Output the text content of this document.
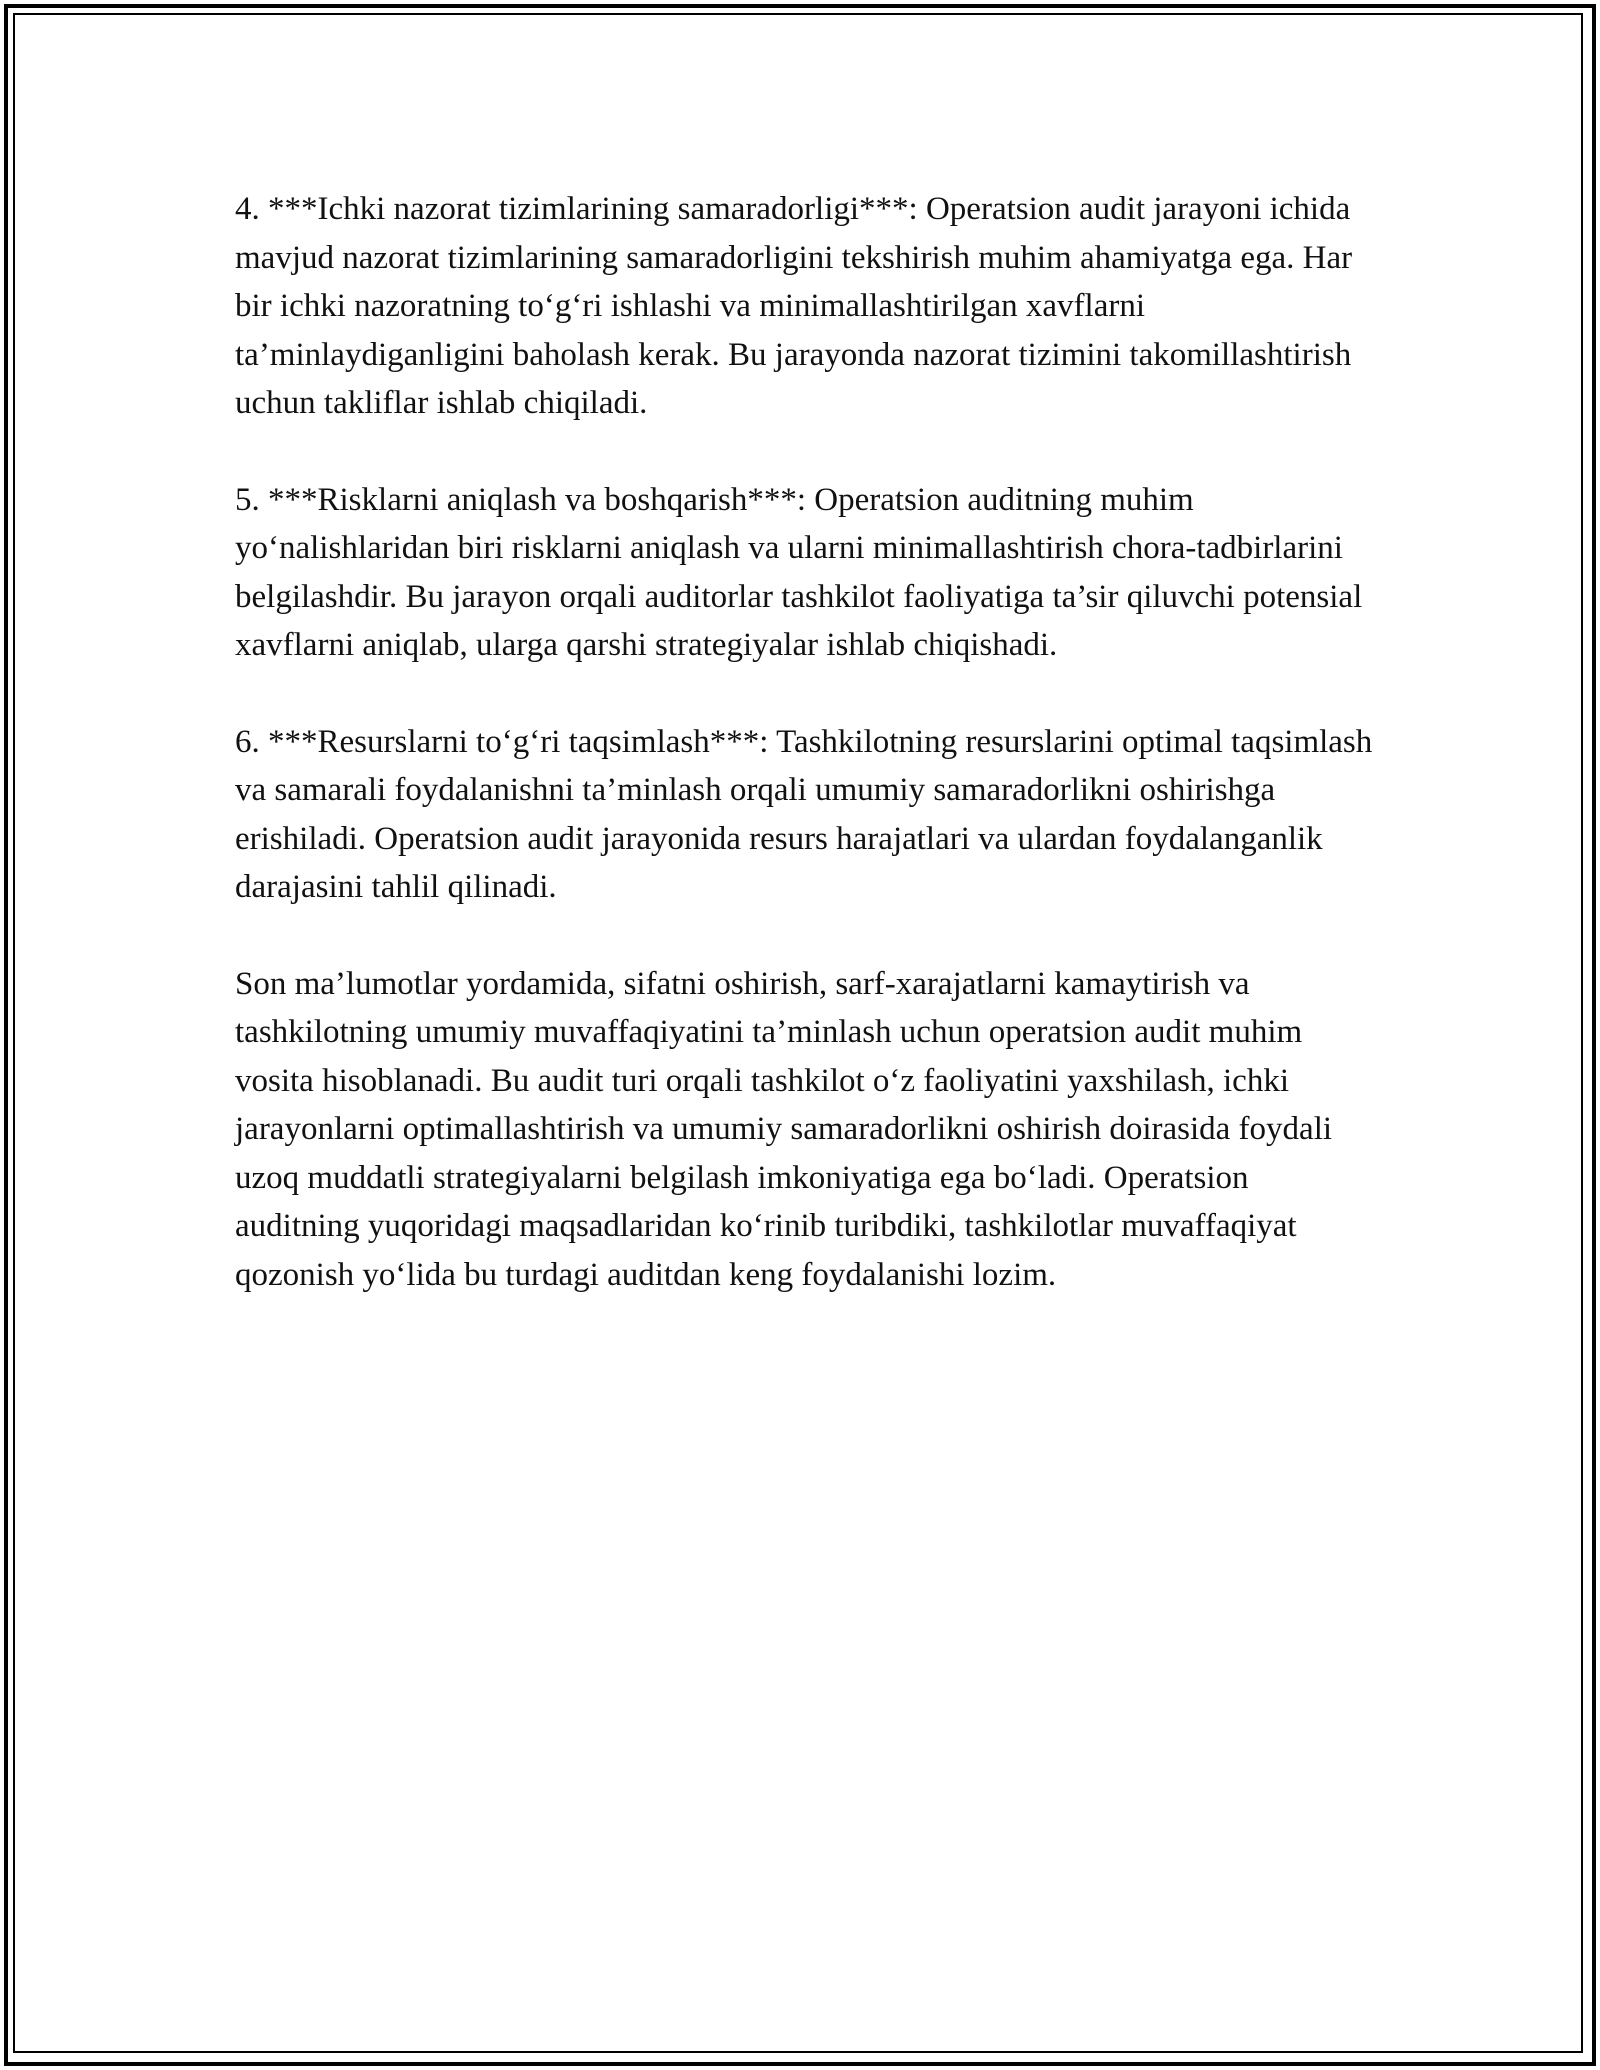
4. ***Ichki nazorat tizimlarining samaradorligi***: Operatsion audit jarayoni ichida mavjud nazorat tizimlarining samaradorligini tekshirish muhim ahamiyatga ega. Har bir ichki nazoratning to‘g‘ri ishlashi va minimallashtirilgan xavflarni ta’minlaydiganligini baholash kerak. Bu jarayonda nazorat tizimini takomillashtirish uchun takliflar ishlab chiqiladi.

5. ***Risklarni aniqlash va boshqarish***: Operatsion auditning muhim yo‘nalishlaridan biri risklarni aniqlash va ularni minimallashtirish chora-tadbirlarini belgilashdir. Bu jarayon orqali auditorlar tashkilot faoliyatiga ta’sir qiluvchi potensial xavflarni aniqlab, ularga qarshi strategiyalar ishlab chiqishadi.

6. ***Resurslarni to‘g‘ri taqsimlash***: Tashkilotning resurslarini optimal taqsimlash va samarali foydalanishni ta’minlash orqali umumiy samaradorlikni oshirishga erishiladi. Operatsion audit jarayonida resurs harajatlari va ulardan foydalanganlik darajasini tahlil qilinadi.

Son ma’lumotlar yordamida, sifatni oshirish, sarf-xarajatlarni kamaytirish va tashkilotning umumiy muvaffaqiyatini ta’minlash uchun operatsion audit muhim vosita hisoblanadi. Bu audit turi orqali tashkilot o‘z faoliyatini yaxshilash, ichki jarayonlarni optimallashtirish va umumiy samaradorlikni oshirish doirasida foydali uzoq muddatli strategiyalarni belgilash imkoniyatiga ega bo‘ladi. Operatsion auditning yuqoridagi maqsadlaridan ko‘rinib turibdiki, tashkilotlar muvaffaqiyat qozonish yo‘lida bu turdagi auditdan keng foydalanishi lozim.
